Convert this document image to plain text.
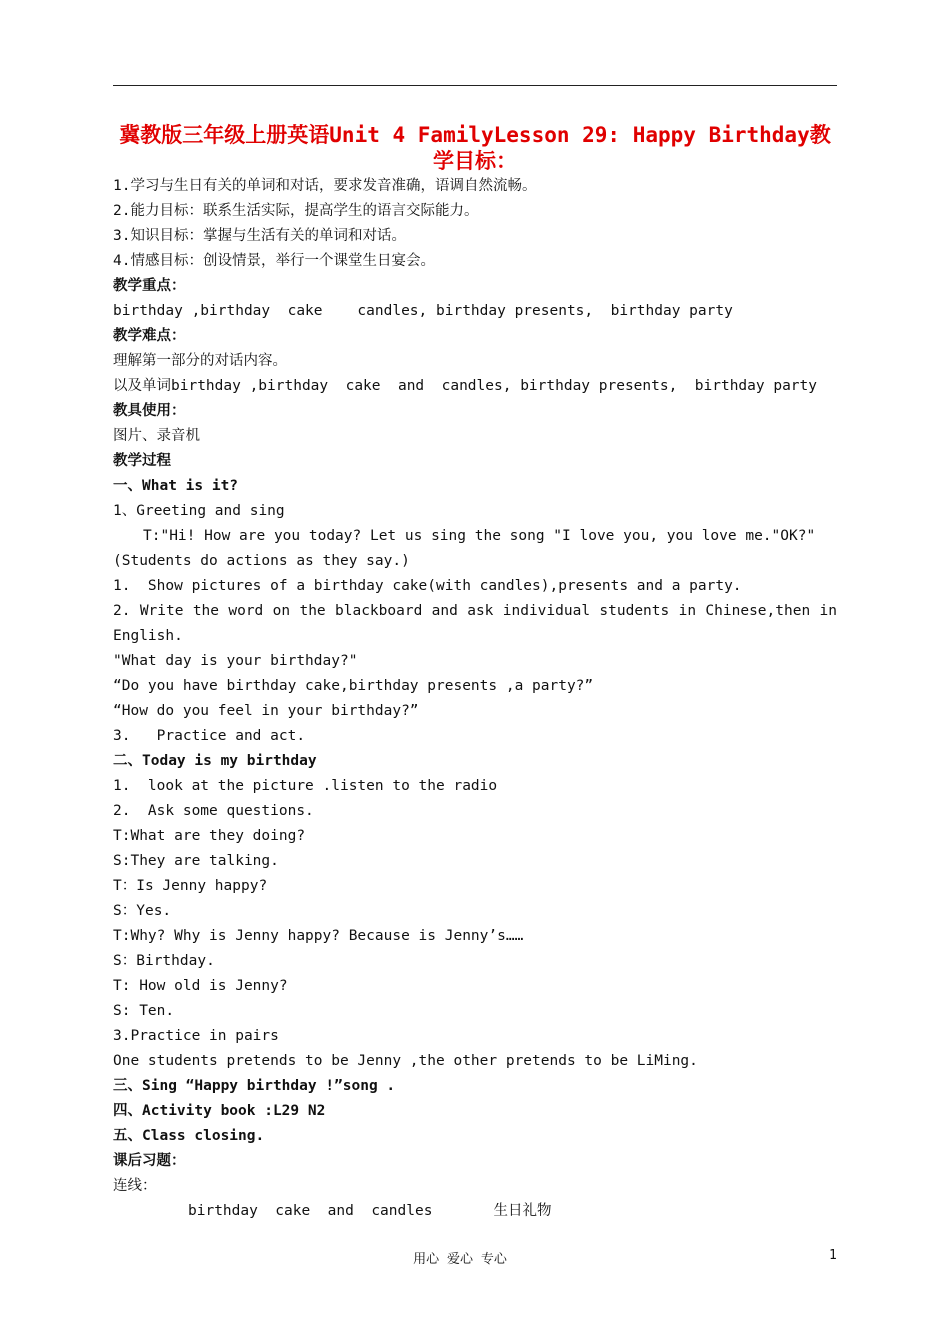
冀教版三年级上册英语Unit 4 FamilyLesson 29: Happy Birthday教学目标：
1.学习与生日有关的单词和对话，要求发音准确，语调自然流畅。
2.能力目标：联系生活实际，提高学生的语言交际能力。
3.知识目标：掌握与生活有关的单词和对话。
4.情感目标：创设情景，举行一个课堂生日宴会。
教学重点：
birthday ,birthday  cake    candles, birthday presents,  birthday party
教学难点：
理解第一部分的对话内容。
以及单词birthday ,birthday  cake  and  candles, birthday presents,  birthday party
教具使用：
图片、录音机
教学过程
一、What is it?
1、Greeting and sing
T:"Hi! How are you today? Let us sing the song "I love you, you love me."OK?"
(Students do actions as they say.)
1.  Show pictures of a birthday cake(with candles),presents and a party.
2. Write the word on the blackboard and ask individual students in Chinese,then in
English.
"What day is your birthday?"
“Do you have birthday cake,birthday presents ,a party?”
“How do you feel in your birthday?”
3.   Practice and act.
二、Today is my birthday
1.  look at the picture .listen to the radio
2.  Ask some questions.
T:What are they doing?
S:They are talking.
T：Is Jenny happy?
S：Yes.
T:Why? Why is Jenny happy? Because is Jenny’s……
S：Birthday.
T: How old is Jenny?
S: Ten.
3.Practice in pairs
One students pretends to be Jenny ,the other pretends to be LiMing.
三、Sing “Happy birthday !”song .
四、Activity book :L29 N2
五、Class closing.
课后习题：
连线：
birthday  cake  and  candles       生日礼物
用心 爱心 专心	1
